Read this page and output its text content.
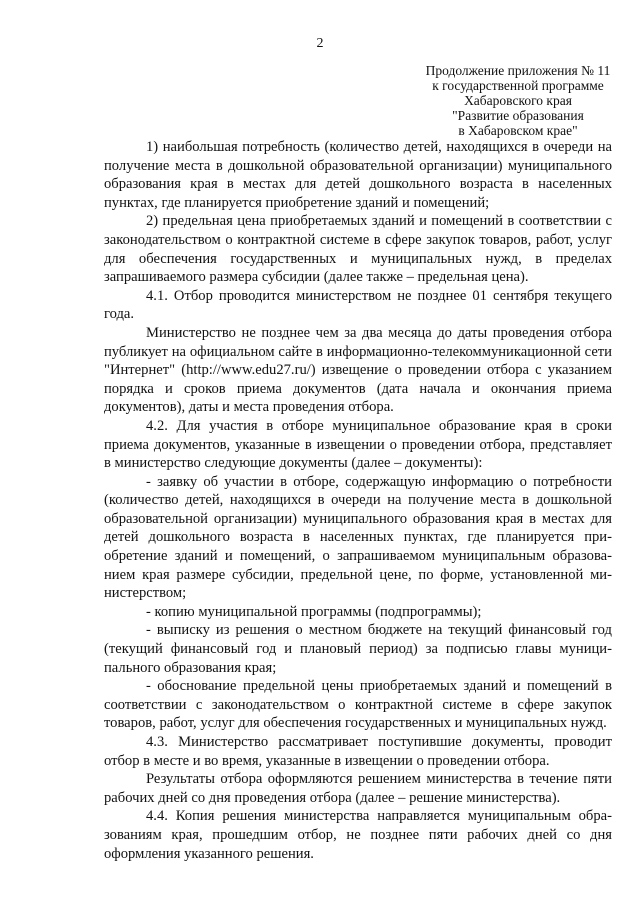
2
Продолжение приложения № 11
к государственной программе
Хабаровского края
"Развитие образования
в Хабаровском крае"

1) наибольшая потребность (количество детей, находящихся в очереди на получение места в дошкольной образовательной организации) муниципального образования края в местах для детей дошкольного возраста в населенных пунктах, где планируется приобретение зданий и помещений;

2) предельная цена приобретаемых зданий и помещений в соответствии с законодательством о контрактной системе в сфере закупок товаров, работ, услуг для обеспечения государственных и муниципальных нужд, в пределах запрашиваемого размера субсидии (далее также – предельная цена).

4.1. Отбор проводится министерством не позднее 01 сентября текущего года.

Министерство не позднее чем за два месяца до даты проведения отбора публикует на официальном сайте в информационно-телекоммуникационной сети "Интернет" (http://www.edu27.ru/) извещение о проведении отбора с указанием порядка и сроков приема документов (дата начала и окончания приема документов), даты и места проведения отбора.

4.2. Для участия в отборе муниципальное образование края в сроки приема документов, указанные в извещении о проведении отбора, представляет в министерство следующие документы (далее – документы):

- заявку об участии в отборе, содержащую информацию о потребности (количество детей, находящихся в очереди на получение места в дошкольной образовательной организации) муниципального образования края в местах для детей дошкольного возраста в населенных пунктах, где планируется приобретение зданий и помещений, о запрашиваемом муниципальным образованием края размере субсидии, предельной цене, по форме, установленной министерством;

- копию муниципальной программы (подпрограммы);

- выписку из решения о местном бюджете на текущий финансовый год (текущий финансовый год и плановый период) за подписью главы муниципального образования края;

- обоснование предельной цены приобретаемых зданий и помещений в соответствии с законодательством о контрактной системе в сфере закупок товаров, работ, услуг для обеспечения государственных и муниципальных нужд.

4.3. Министерство рассматривает поступившие документы, проводит отбор в месте и во время, указанные в извещении о проведении отбора.

Результаты отбора оформляются решением министерства в течение пяти рабочих дней со дня проведения отбора (далее – решение министерства).

4.4. Копия решения министерства направляется муниципальным образованиям края, прошедшим отбор, не позднее пяти рабочих дней со дня оформления указанного решения.
